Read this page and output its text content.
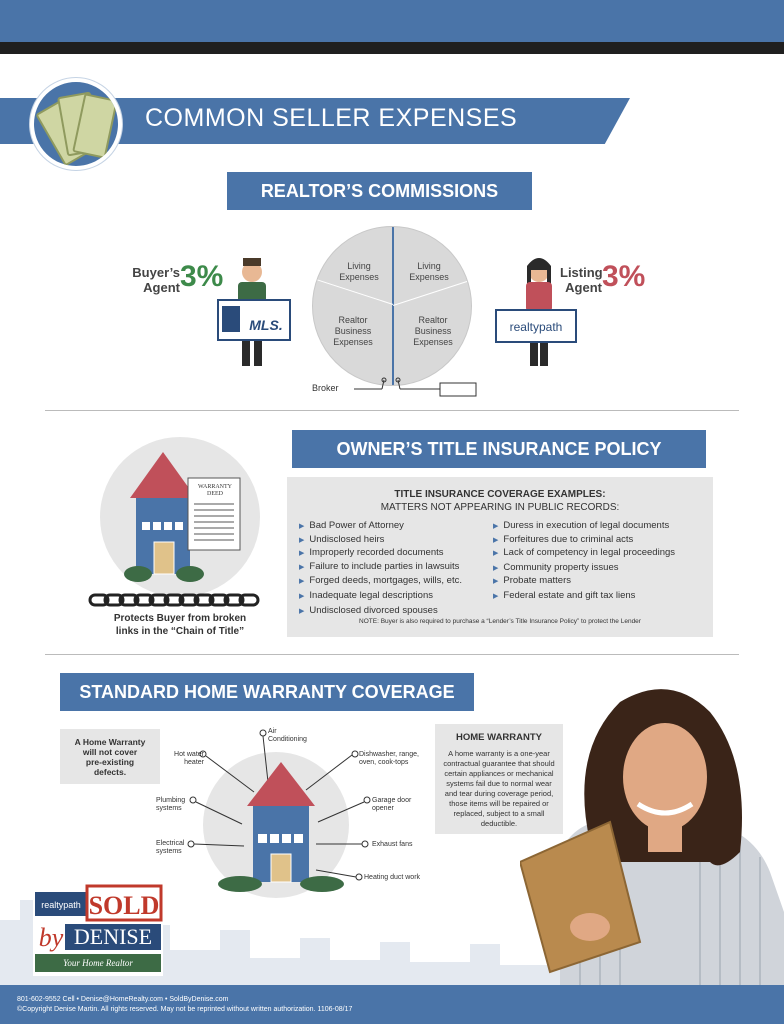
COMMON SELLER EXPENSES
REALTOR’S COMMISSIONS
Buyer’s
Agent 3%
MLS.
Living
Expenses
Living
Expenses
Realtor
Business
Expenses
Realtor
Business
Expenses
Broker
realtypath
Listing
Agent 3%
WARRANTY
DEED
Protects Buyer from broken
links in the “Chain of Title”
OWNER’S TITLE INSURANCE POLICY
TITLE INSURANCE COVERAGE EXAMPLES:
MATTERS NOT APPEARING IN PUBLIC RECORDS:
▶ Bad Power of Attorney
▶ Undisclosed heirs
▶ Improperly recorded documents
▶ Failure to include parties in lawsuits
▶ Forged deeds, mortgages, wills, etc.
▶ Inadequate legal descriptions
▶ Undisclosed divorced spouses
▶ Duress in execution of legal documents
▶ Forfeitures due to criminal acts
▶ Lack of competency in legal proceedings
▶ Community property issues
▶ Probate matters
▶ Federal estate and gift tax liens
NOTE: Buyer is also required to purchase a “Lender’s Title Insurance Policy” to protect the Lender
STANDARD HOME WARRANTY COVERAGE
A Home Warranty
will not cover
pre-existing
defects.
Air
Conditioning
Hot water
heater
Plumbing
systems
Electrical
systems
Dishwasher, range,
oven, cook-tops
Garage door
opener
Exhaust fans
Heating duct work
HOME WARRANTY
A home warranty is a one-year contractual guarantee that should certain appliances or mechanical systems fail due to normal wear and tear during coverage period, those items will be repaired or replaced, subject to a small deductible.
realtypath SOLD
by DENISE
Your Home Realtor
801-602-9552 Cell • Denise@HomeRealty.com • SoldByDenise.com
©Copyright Denise Martin. All rights reserved. May not be reprinted without written authorization. 1106-08/17
